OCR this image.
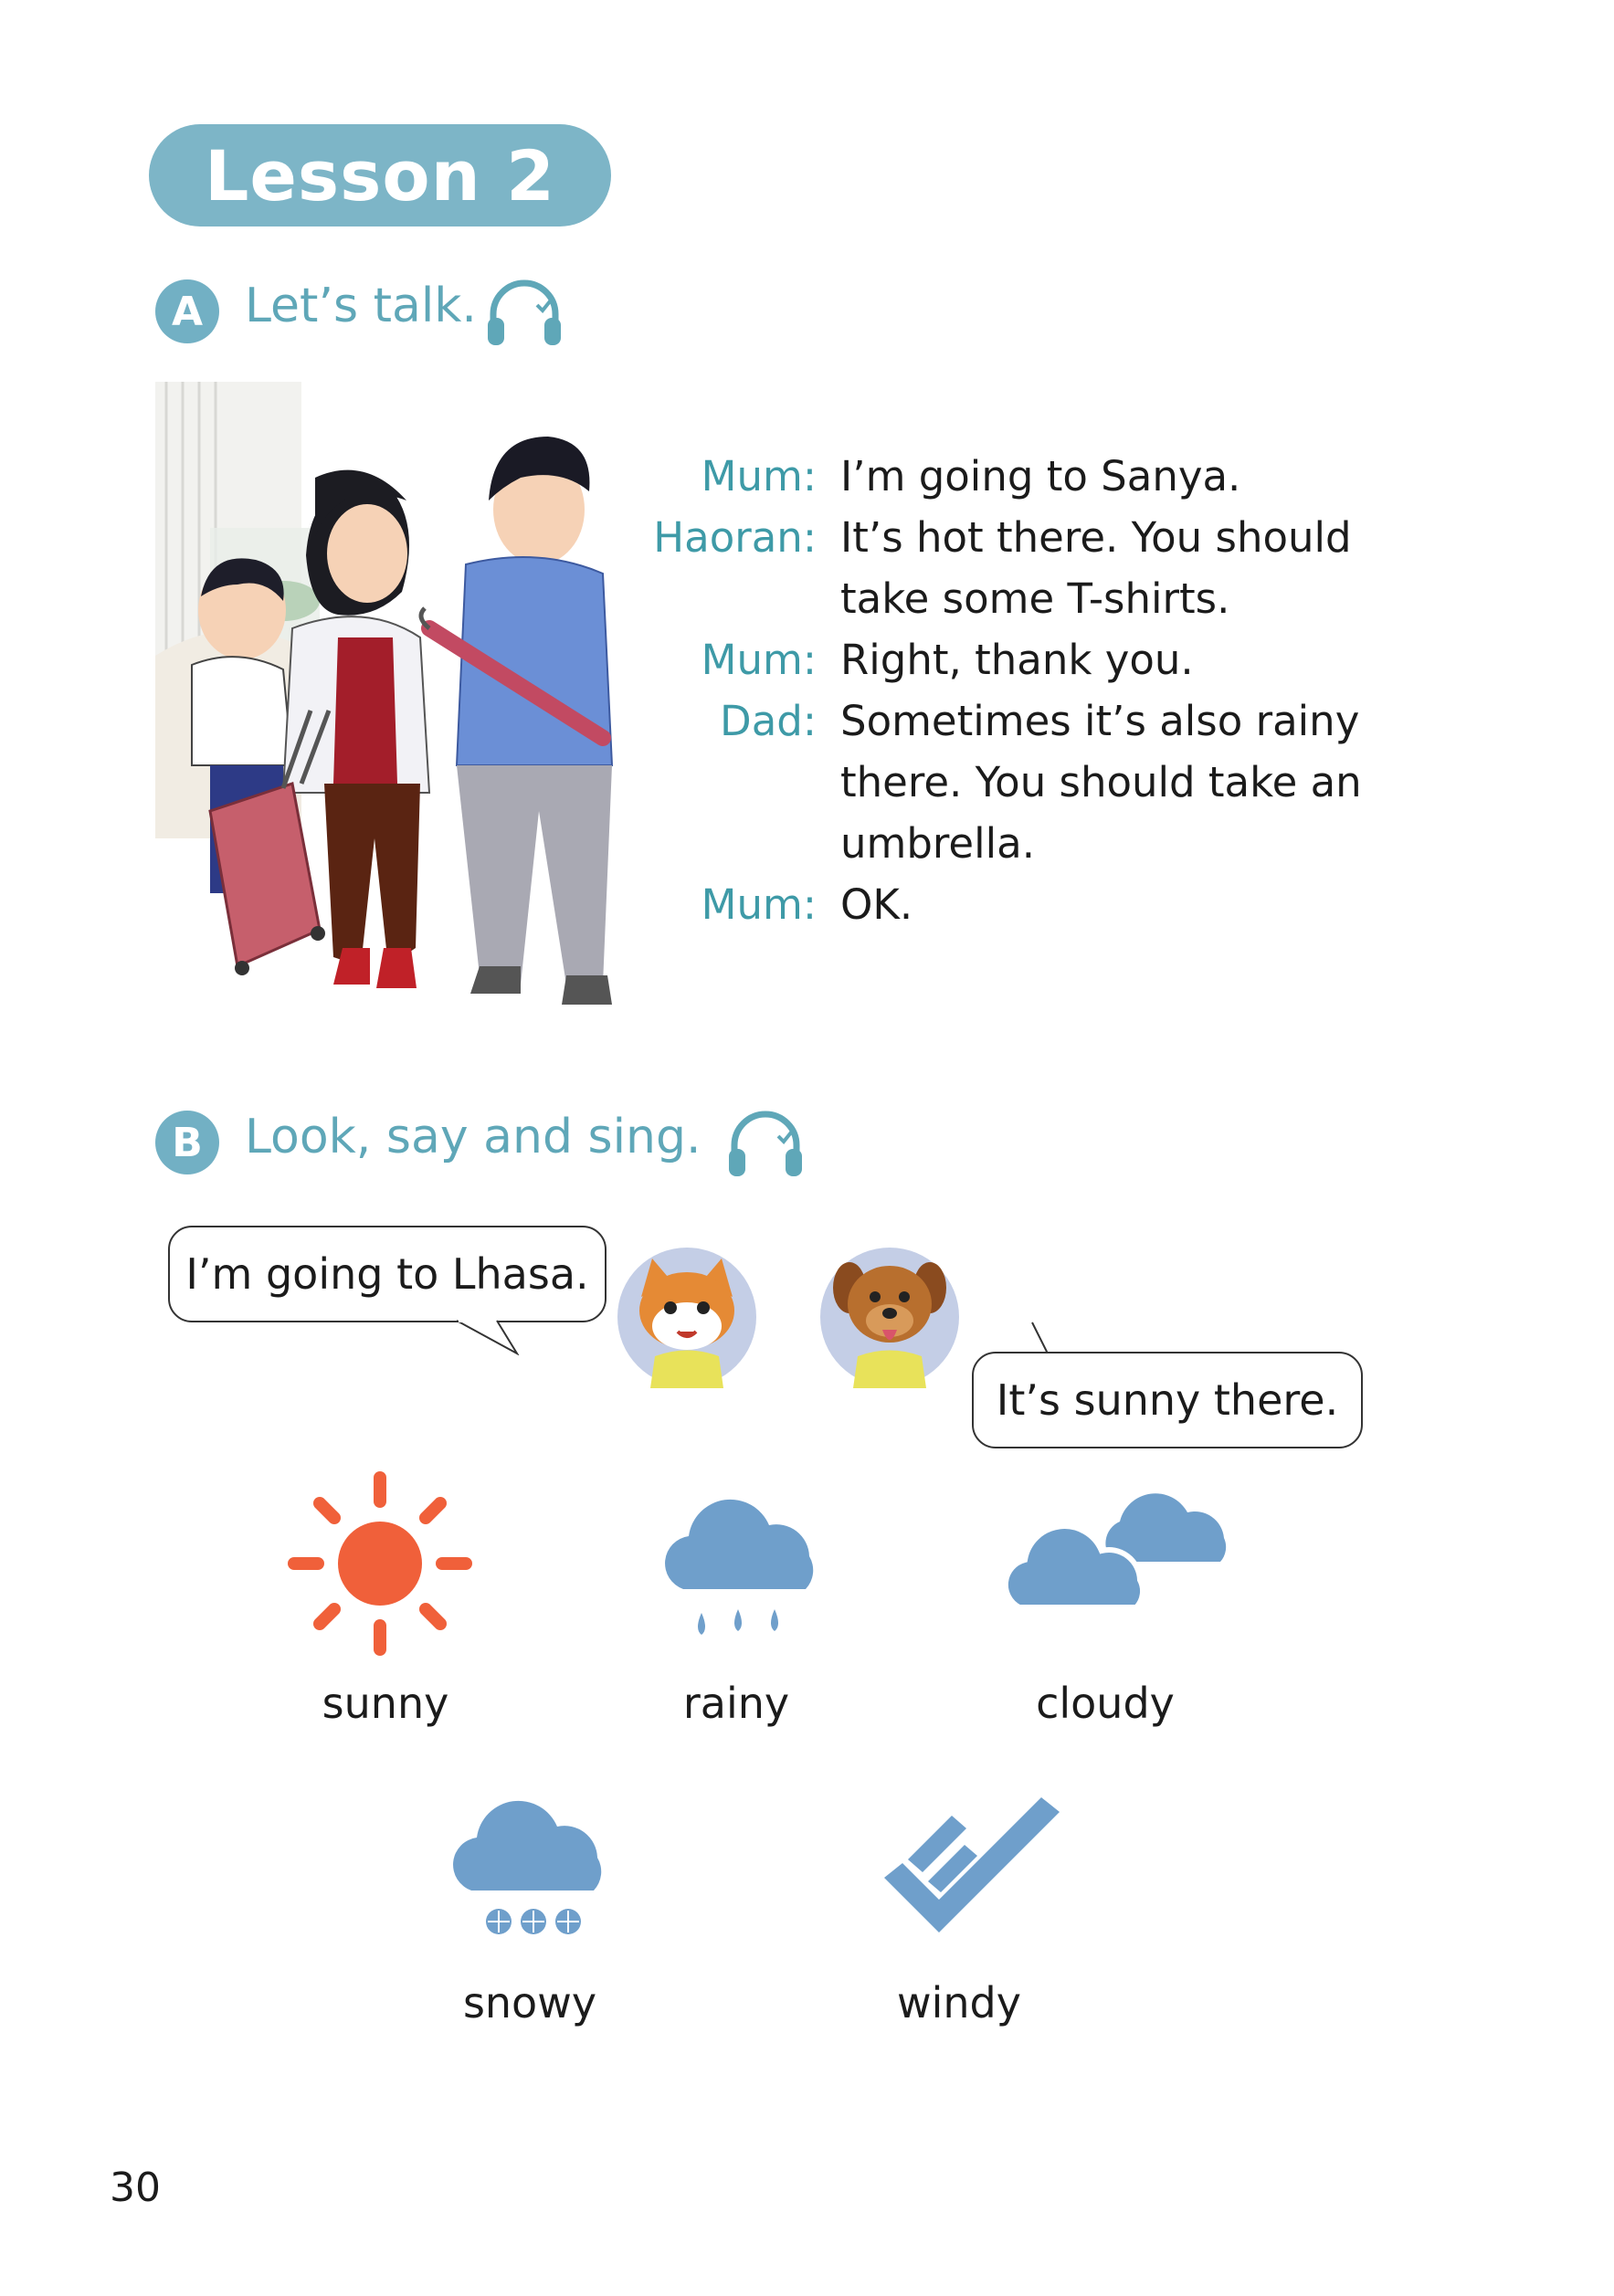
Lesson 2
A Let’s talk.
Mum: I’m going to Sanya.
Haoran: It’s hot there. You should
take some T-shirts.
Mum: Right, thank you.
Dad: Sometimes it’s also rainy
there. You should take an
umbrella.
Mum: OK.
B Look, say and sing.
I’m going to Lhasa.
It’s sunny there.
sunny	rainy	cloudy
snowy	windy
30
